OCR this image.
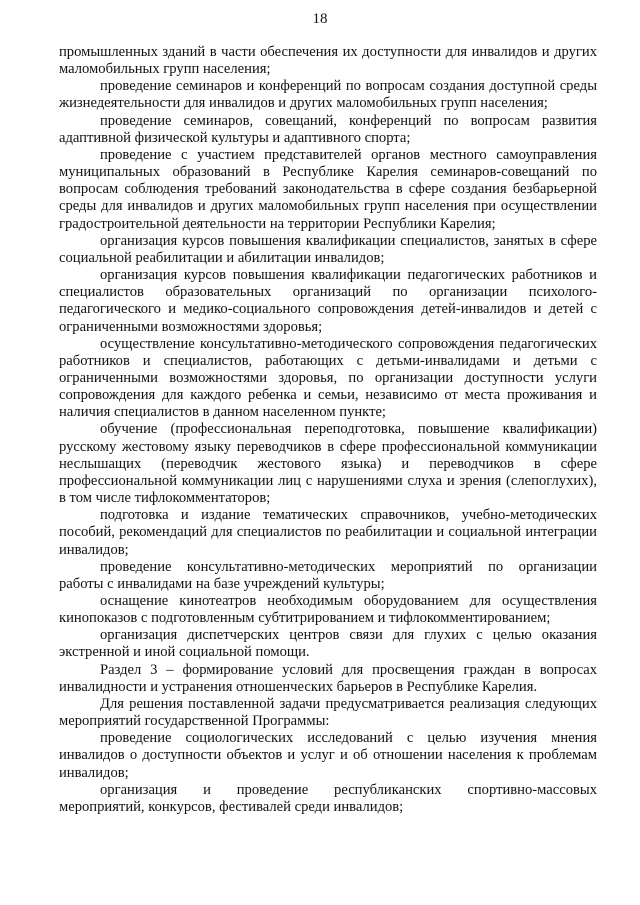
18

промышленных зданий в части обеспечения их доступности для инвалидов и других маломобильных групп населения;

проведение семинаров и конференций по вопросам создания доступной среды жизнедеятельности для инвалидов и других маломобильных групп населения;

проведение семинаров, совещаний, конференций по вопросам развития адаптивной физической культуры и адаптивного спорта;

проведение с участием представителей органов местного самоуправления муниципальных образований в Республике Карелия семинаров-совещаний по вопросам соблюдения требований законодательства в сфере создания безбарьерной среды для инвалидов и других маломобильных групп населения при осуществлении градостроительной деятельности на территории Республики Карелия;

организация курсов повышения квалификации специалистов, занятых в сфере социальной реабилитации и абилитации инвалидов;

организация курсов повышения квалификации педагогических работников и специалистов образовательных организаций по организации психолого-педагогического и медико-социального сопровождения детей-инвалидов и детей с ограниченными возможностями здоровья;

осуществление консультативно-методического сопровождения педагогических работников и специалистов, работающих с детьми-инвалидами и детьми с ограниченными возможностями здоровья, по организации доступности услуги сопровождения для каждого ребенка и семьи, независимо от места проживания и наличия специалистов в данном населенном пункте;

обучение (профессиональная переподготовка, повышение квалификации) русскому жестовому языку переводчиков в сфере профессиональной коммуникации неслышащих (переводчик жестового языка) и переводчиков в сфере профессиональной коммуникации лиц с нарушениями слуха и зрения (слепоглухих), в том числе тифлокомментаторов;

подготовка и издание тематических справочников, учебно-методических пособий, рекомендаций для специалистов по реабилитации и социальной интеграции инвалидов;

проведение консультативно-методических мероприятий по организации работы с инвалидами на базе учреждений культуры;

оснащение кинотеатров необходимым оборудованием для осуществления кинопоказов с подготовленным субтитрированием и тифлокомментированием;

организация диспетчерских центров связи для глухих с целью оказания экстренной и иной социальной помощи.

Раздел 3 – формирование условий для просвещения граждан в вопросах инвалидности и устранения отношенческих барьеров в Республике Карелия.

Для решения поставленной задачи предусматривается реализация следующих мероприятий государственной Программы:

проведение социологических исследований с целью изучения мнения инвалидов о доступности объектов и услуг и об отношении населения к проблемам инвалидов;

организация и проведение республиканских спортивно-массовых мероприятий, конкурсов, фестивалей среди инвалидов;
